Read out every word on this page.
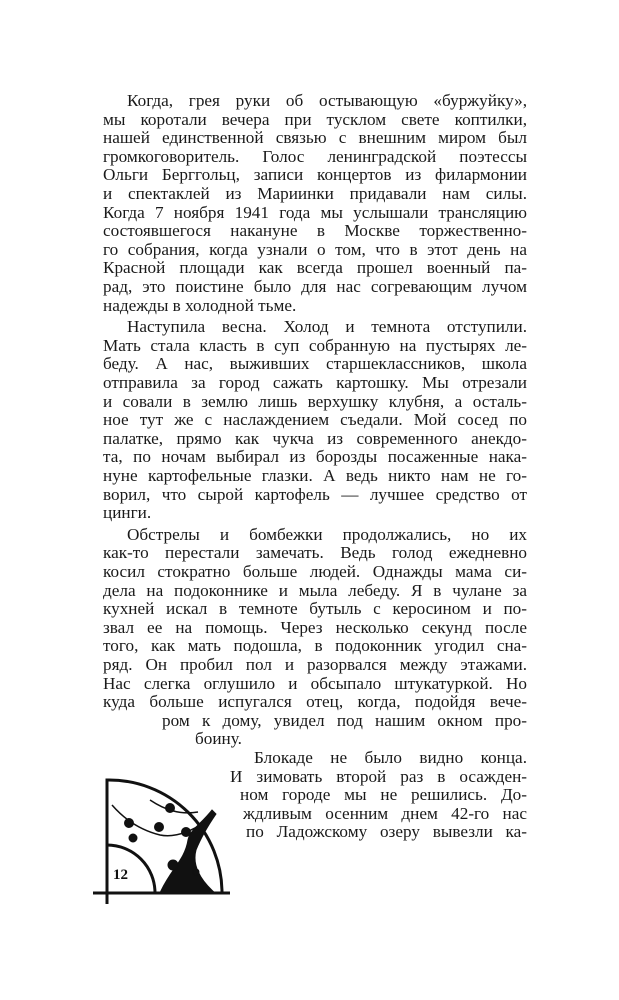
12
Когда, грея руки об остывающую «буржуйку»,
мы коротали вечера при тусклом свете коптилки,
нашей единственной связью с внешним миром был
громкоговоритель. Голос ленинградской поэтессы
Ольги Берггольц, записи концертов из филармонии
и спектаклей из Мариинки придавали нам силы.
Когда 7 ноября 1941 года мы услышали трансляцию
состоявшегося накануне в Москве торжественно-
го собрания, когда узнали о том, что в этот день на
Красной площади как всегда прошел военный па-
рад, это поистине было для нас согревающим лучом
надежды в холодной тьме.
Наступила весна. Холод и темнота отступили.
Мать стала класть в суп собранную на пустырях ле-
беду. А нас, выживших старшеклассников, школа
отправила за город сажать картошку. Мы отрезали
и совали в землю лишь верхушку клубня, а осталь-
ное тут же с наслаждением съедали. Мой сосед по
палатке, прямо как чукча из современного анекдо-
та, по ночам выбирал из борозды посаженные нака-
нуне картофельные глазки. А ведь никто нам не го-
ворил, что сырой картофель — лучшее средство от
цинги.
Обстрелы и бомбежки продолжались, но их
как-то перестали замечать. Ведь голод ежедневно
косил стократно больше людей. Однажды мама си-
дела на подоконнике и мыла лебеду. Я в чулане за
кухней искал в темноте бутыль с керосином и по-
звал ее на помощь. Через несколько секунд после
того, как мать подошла, в подоконник угодил сна-
ряд. Он пробил пол и разорвался между этажами.
Нас слегка оглушило и обсыпало штукатуркой. Но
куда больше испугался отец, когда, подойдя вече-
ром к дому, увидел под нашим окном про-
боину.
Блокаде не было видно конца.
И зимовать второй раз в осажден-
ном городе мы не решились. До-
ждливым осенним днем 42-го нас
по Ладожскому озеру вывезли ка-
